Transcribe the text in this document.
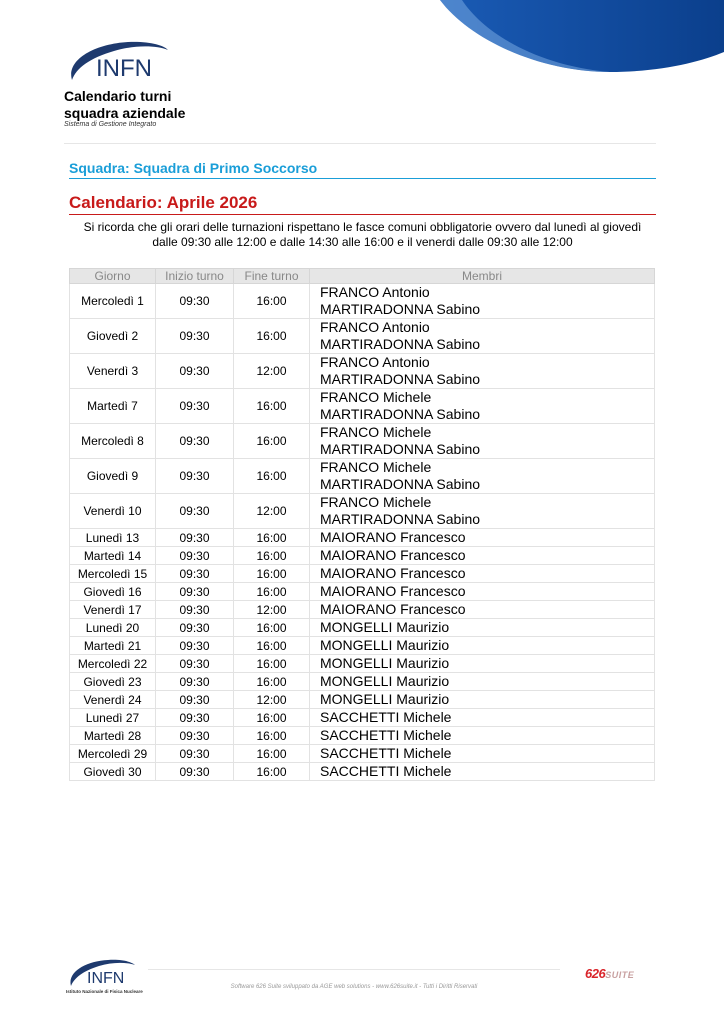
INFN
Calendario turni
squadra aziendale
Sistema di Gestione Integrato
Squadra: Squadra di Primo Soccorso
Calendario: Aprile 2026
Si ricorda che gli orari delle turnazioni rispettano le fasce comuni obbligatorie ovvero dal lunedì al giovedì
dalle 09:30 alle 12:00 e dalle 14:30 alle 16:00 e il venerdi dalle 09:30 alle 12:00
Giorno	Inizio turno	Fine turno	Membri
Mercoledì 1	09:30	16:00	FRANCO Antonio
MARTIRADONNA Sabino

Giovedì 2	09:30	16:00	FRANCO Antonio
MARTIRADONNA Sabino

Venerdì 3	09:30	12:00	FRANCO Antonio
MARTIRADONNA Sabino

Martedì 7	09:30	16:00	FRANCO Michele
MARTIRADONNA Sabino

Mercoledì 8	09:30	16:00	FRANCO Michele
MARTIRADONNA Sabino

Giovedì 9	09:30	16:00	FRANCO Michele
MARTIRADONNA Sabino

Venerdì 10	09:30	12:00	FRANCO Michele
MARTIRADONNA Sabino

Lunedì 13	09:30	16:00	MAIORANO Francesco

Martedì 14	09:30	16:00	MAIORANO Francesco

Mercoledì 15	09:30	16:00	MAIORANO Francesco

Giovedì 16	09:30	16:00	MAIORANO Francesco

Venerdì 17	09:30	12:00	MAIORANO Francesco

Lunedì 20	09:30	16:00	MONGELLI Maurizio

Martedì 21	09:30	16:00	MONGELLI Maurizio

Mercoledì 22	09:30	16:00	MONGELLI Maurizio

Giovedì 23	09:30	16:00	MONGELLI Maurizio

Venerdì 24	09:30	12:00	MONGELLI Maurizio

Lunedì 27	09:30	16:00	SACCHETTI Michele

Martedì 28	09:30	16:00	SACCHETTI Michele

Mercoledì 29	09:30	16:00	SACCHETTI Michele

Giovedì 30	09:30	16:00	SACCHETTI Michele
INFN
Istituto Nazionale di Fisica Nucleare
Software 626 Suite sviluppato da AGE web solutions - www.626suite.it - Tutti i Diritti Riservati
626SUITE
